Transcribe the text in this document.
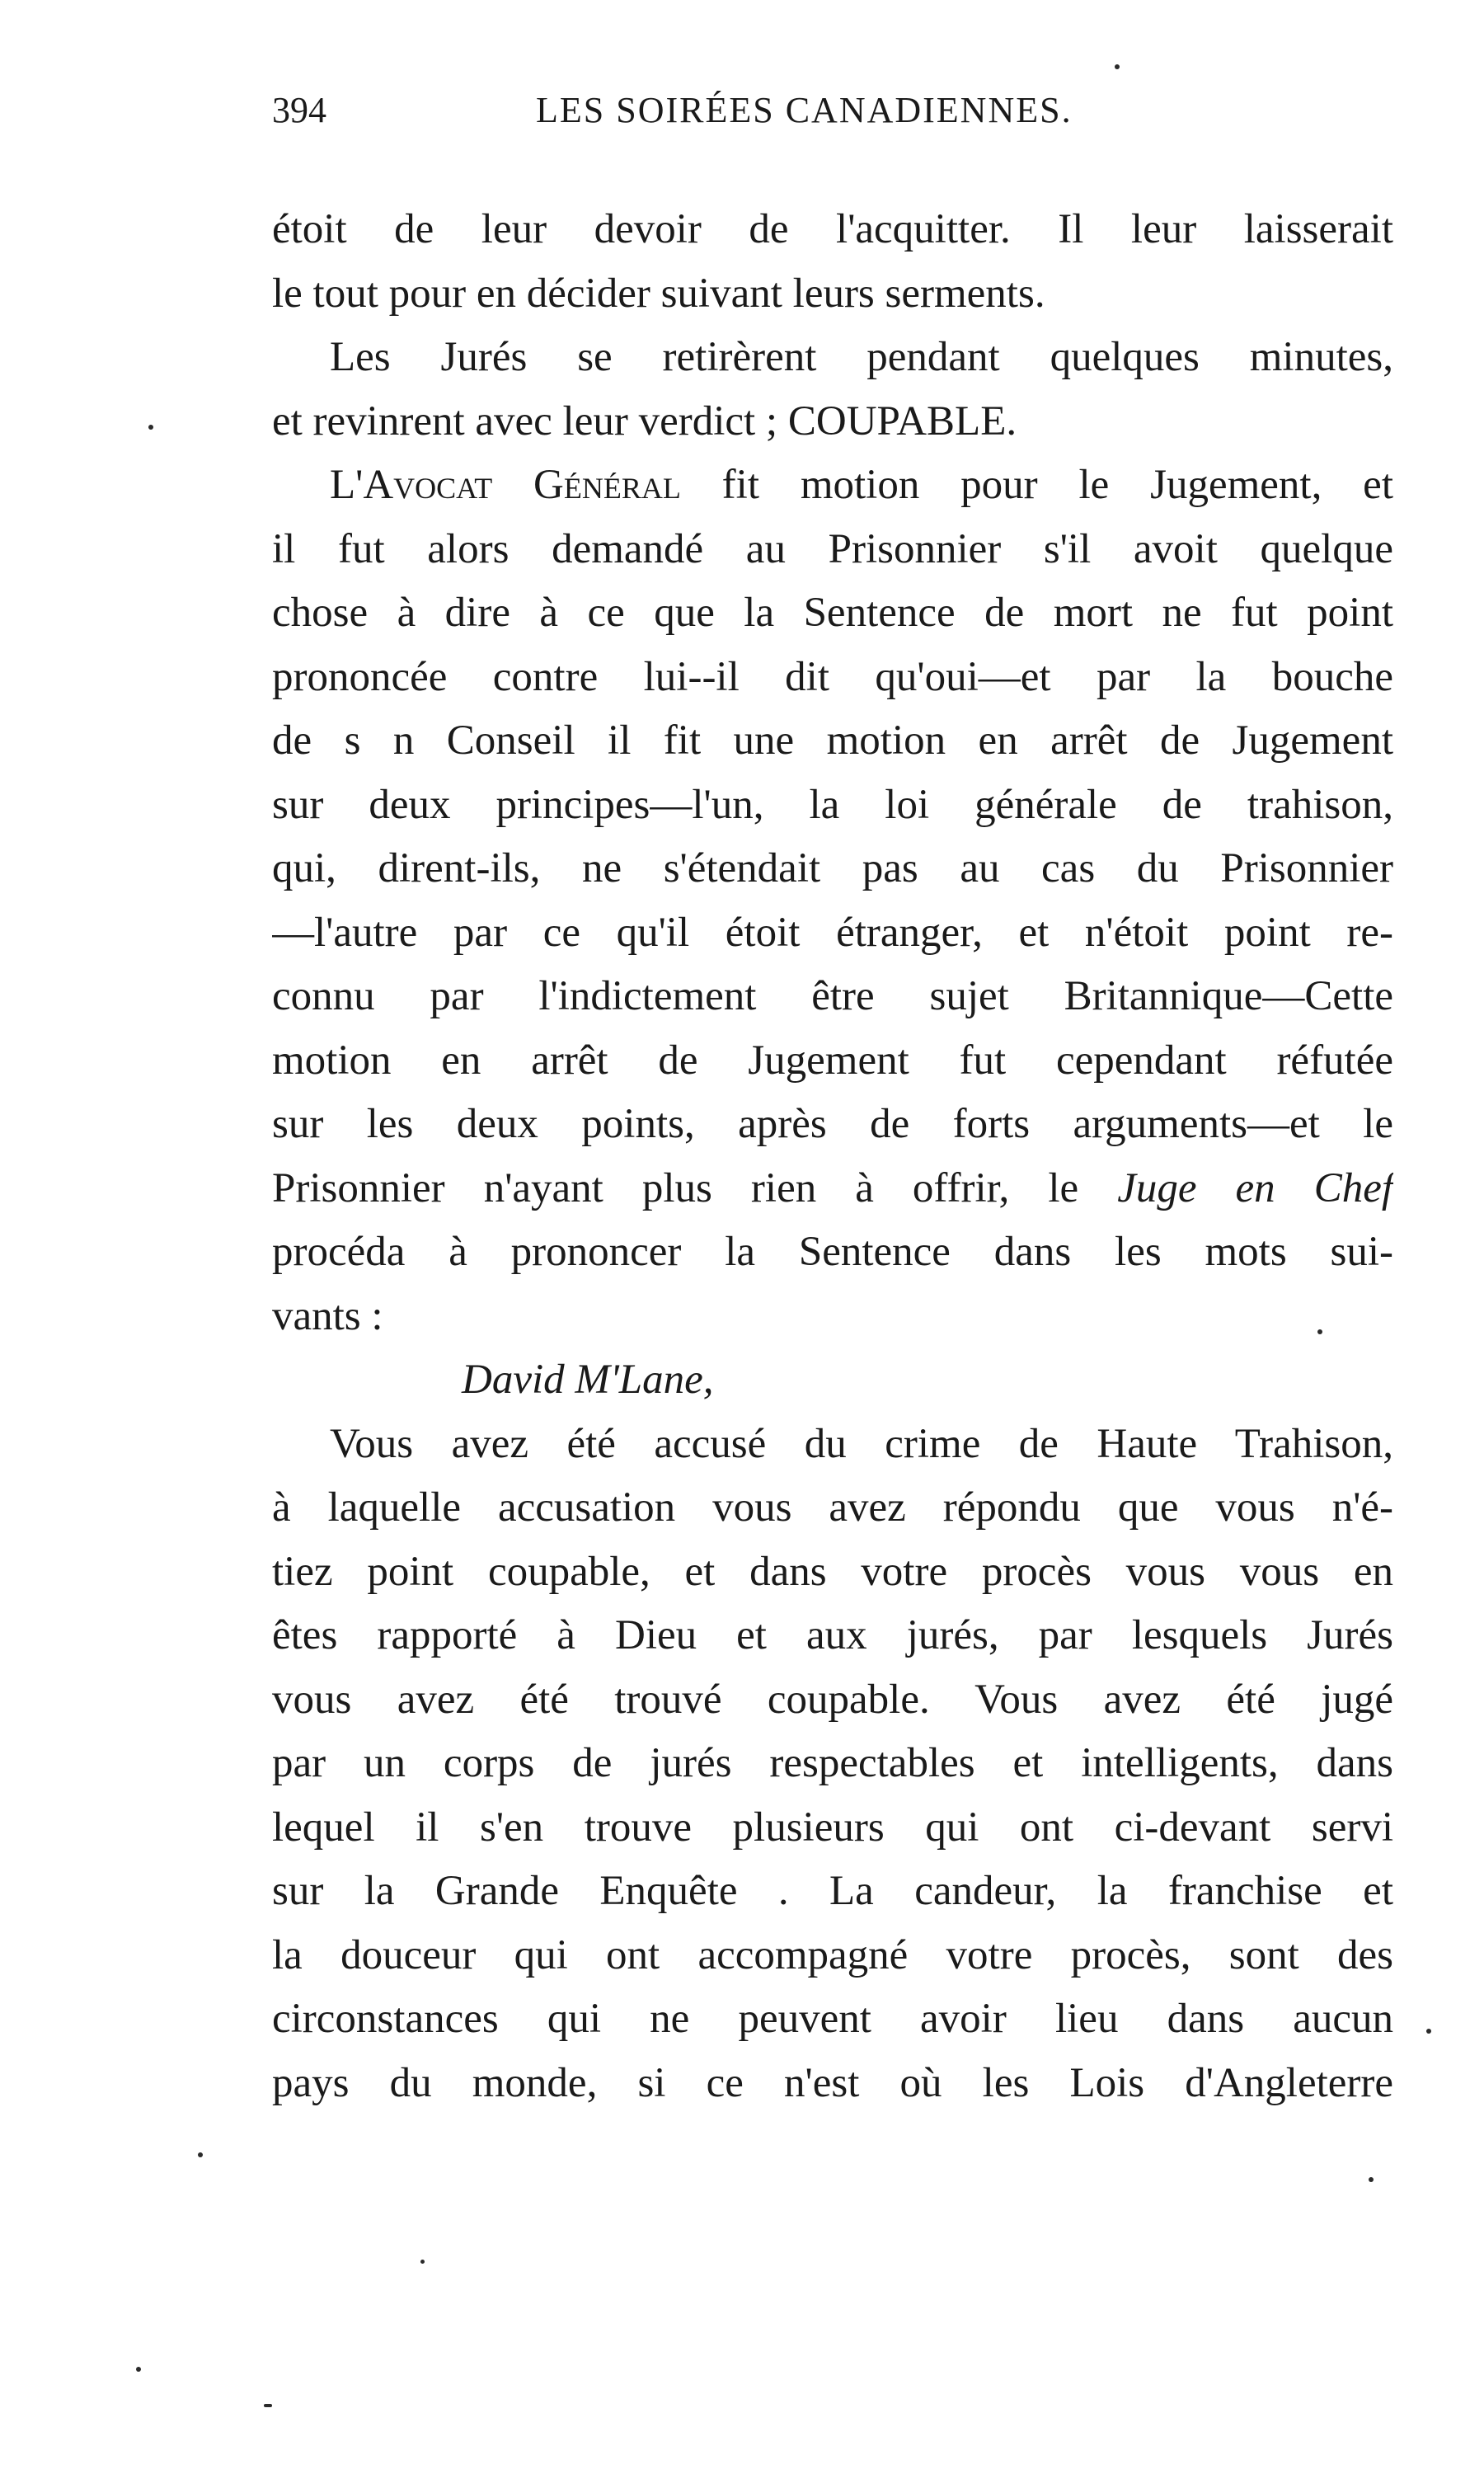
394	LES SOIRÉES CANADIENNES.
étoit de leur devoir de l'acquitter. Il leur laisserait
le tout pour en décider suivant leurs serments.
Les Jurés se retirèrent pendant quelques minutes,
et revinrent avec leur verdict ; COUPABLE.
L'Avocat Général fit motion pour le Jugement, et
il fut alors demandé au Prisonnier s'il avoit quelque
chose à dire à ce que la Sentence de mort ne fut point
prononcée contre lui--il dit qu'oui—et par la bouche
de s n Conseil il fit une motion en arrêt de Jugement
sur deux principes—l'un, la loi générale de trahison,
qui, dirent-ils, ne s'étendait pas au cas du Prisonnier
—l'autre par ce qu'il étoit étranger, et n'étoit point re-
connu par l'indictement être sujet Britannique—Cette
motion en arrêt de Jugement fut cependant réfutée
sur les deux points, après de forts arguments—et le
Prisonnier n'ayant plus rien à offrir, le Juge en Chef
procéda à prononcer la Sentence dans les mots sui-
vants :
David M'Lane,
Vous avez été accusé du crime de Haute Trahison,
à laquelle accusation vous avez répondu que vous n'é-
tiez point coupable, et dans votre procès vous vous en
êtes rapporté à Dieu et aux jurés, par lesquels Jurés
vous avez été trouvé coupable. Vous avez été jugé
par un corps de jurés respectables et intelligents, dans
lequel il s'en trouve plusieurs qui ont ci-devant servi
sur la Grande Enquête . La candeur, la franchise et
la douceur qui ont accompagné votre procès, sont des
circonstances qui ne peuvent avoir lieu dans aucun
pays du monde, si ce n'est où les Lois d'Angleterre
